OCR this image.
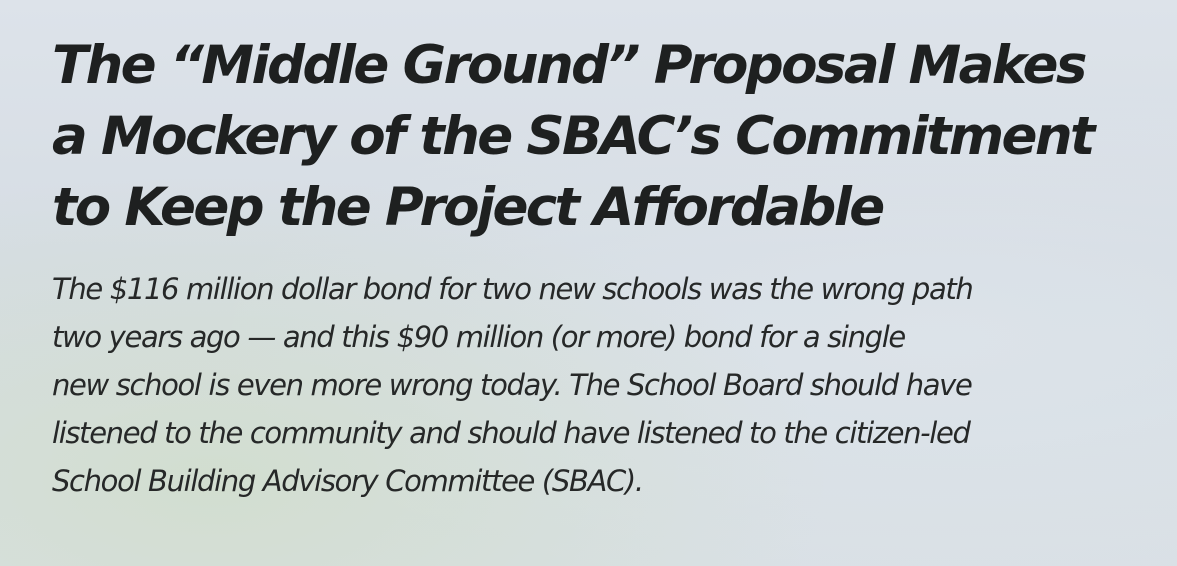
The “Middle Ground” Proposal Makes
a Mockery of the SBAC’s Commitment
to Keep the Project Affordable

The $116 million dollar bond for two new schools was the wrong path
two years ago — and this $90 million (or more) bond for a single
new school is even more wrong today. The School Board should have
listened to the community and should have listened to the citizen-led
School Building Advisory Committee (SBAC).
